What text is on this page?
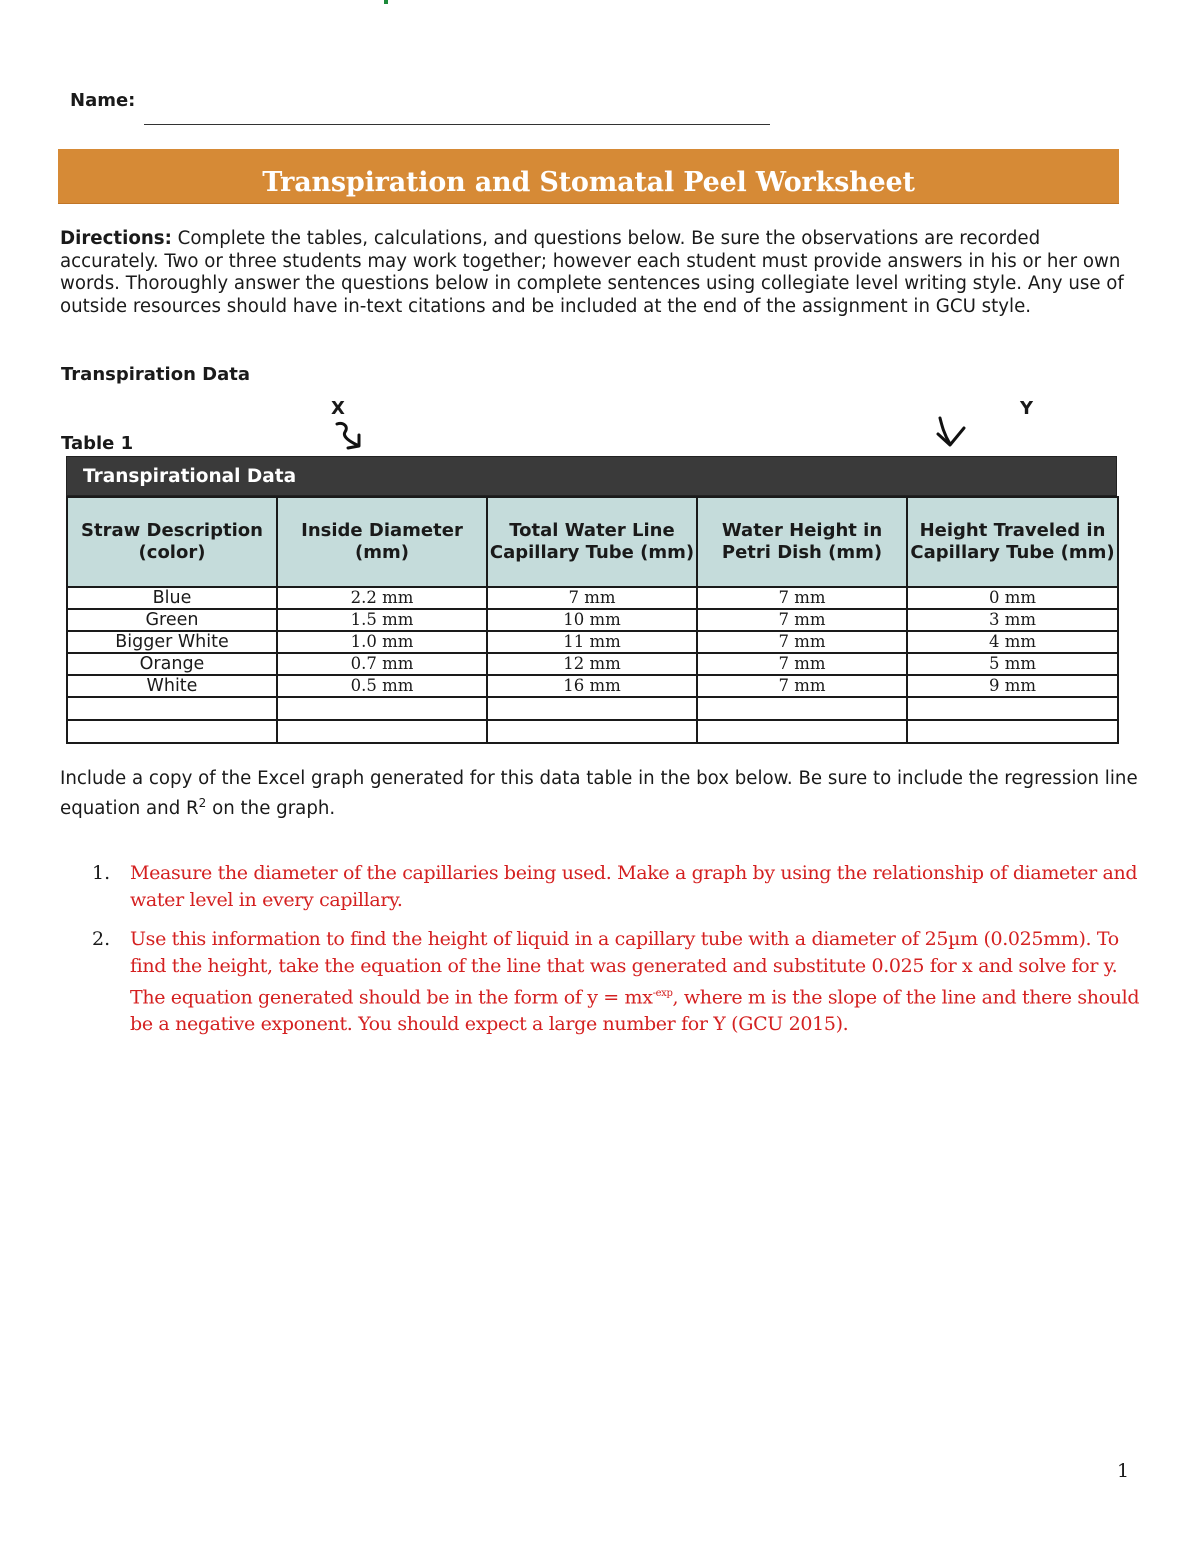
Name:
Transpiration and Stomatal Peel Worksheet
Directions: Complete the tables, calculations, and questions below. Be sure the observations are recorded accurately. Two or three students may work together; however each student must provide answers in his or her own words. Thoroughly answer the questions below in complete sentences using collegiate level writing style. Any use of outside resources should have in-text citations and be included at the end of the assignment in GCU style.
Transpiration Data
X	Y
Table 1
Transpirational Data
Straw Description (color)	Inside Diameter (mm)	Total Water Line Capillary Tube (mm)	Water Height in Petri Dish (mm)	Height Traveled in Capillary Tube (mm)
Blue	2.2 mm	7 mm	7 mm	0 mm
Green	1.5 mm	10 mm	7 mm	3 mm
Bigger White	1.0 mm	11 mm	7 mm	4 mm
Orange	0.7 mm	12 mm	7 mm	5 mm
White	0.5 mm	16 mm	7 mm	9 mm

Include a copy of the Excel graph generated for this data table in the box below. Be sure to include the regression line equation and $R^2$ on the graph.
1.	Measure the diameter of the capillaries being used. Make a graph by using the relationship of diameter and water level in every capillary.
2.	Use this information to find the height of liquid in a capillary tube with a diameter of 25µm (0.025mm). To find the height, take the equation of the line that was generated and substitute 0.025 for x and solve for y. The equation generated should be in the form of $y = mx^{-exp}$, where m is the slope of the line and there should be a negative exponent. You should expect a large number for Y (GCU 2015).
1
